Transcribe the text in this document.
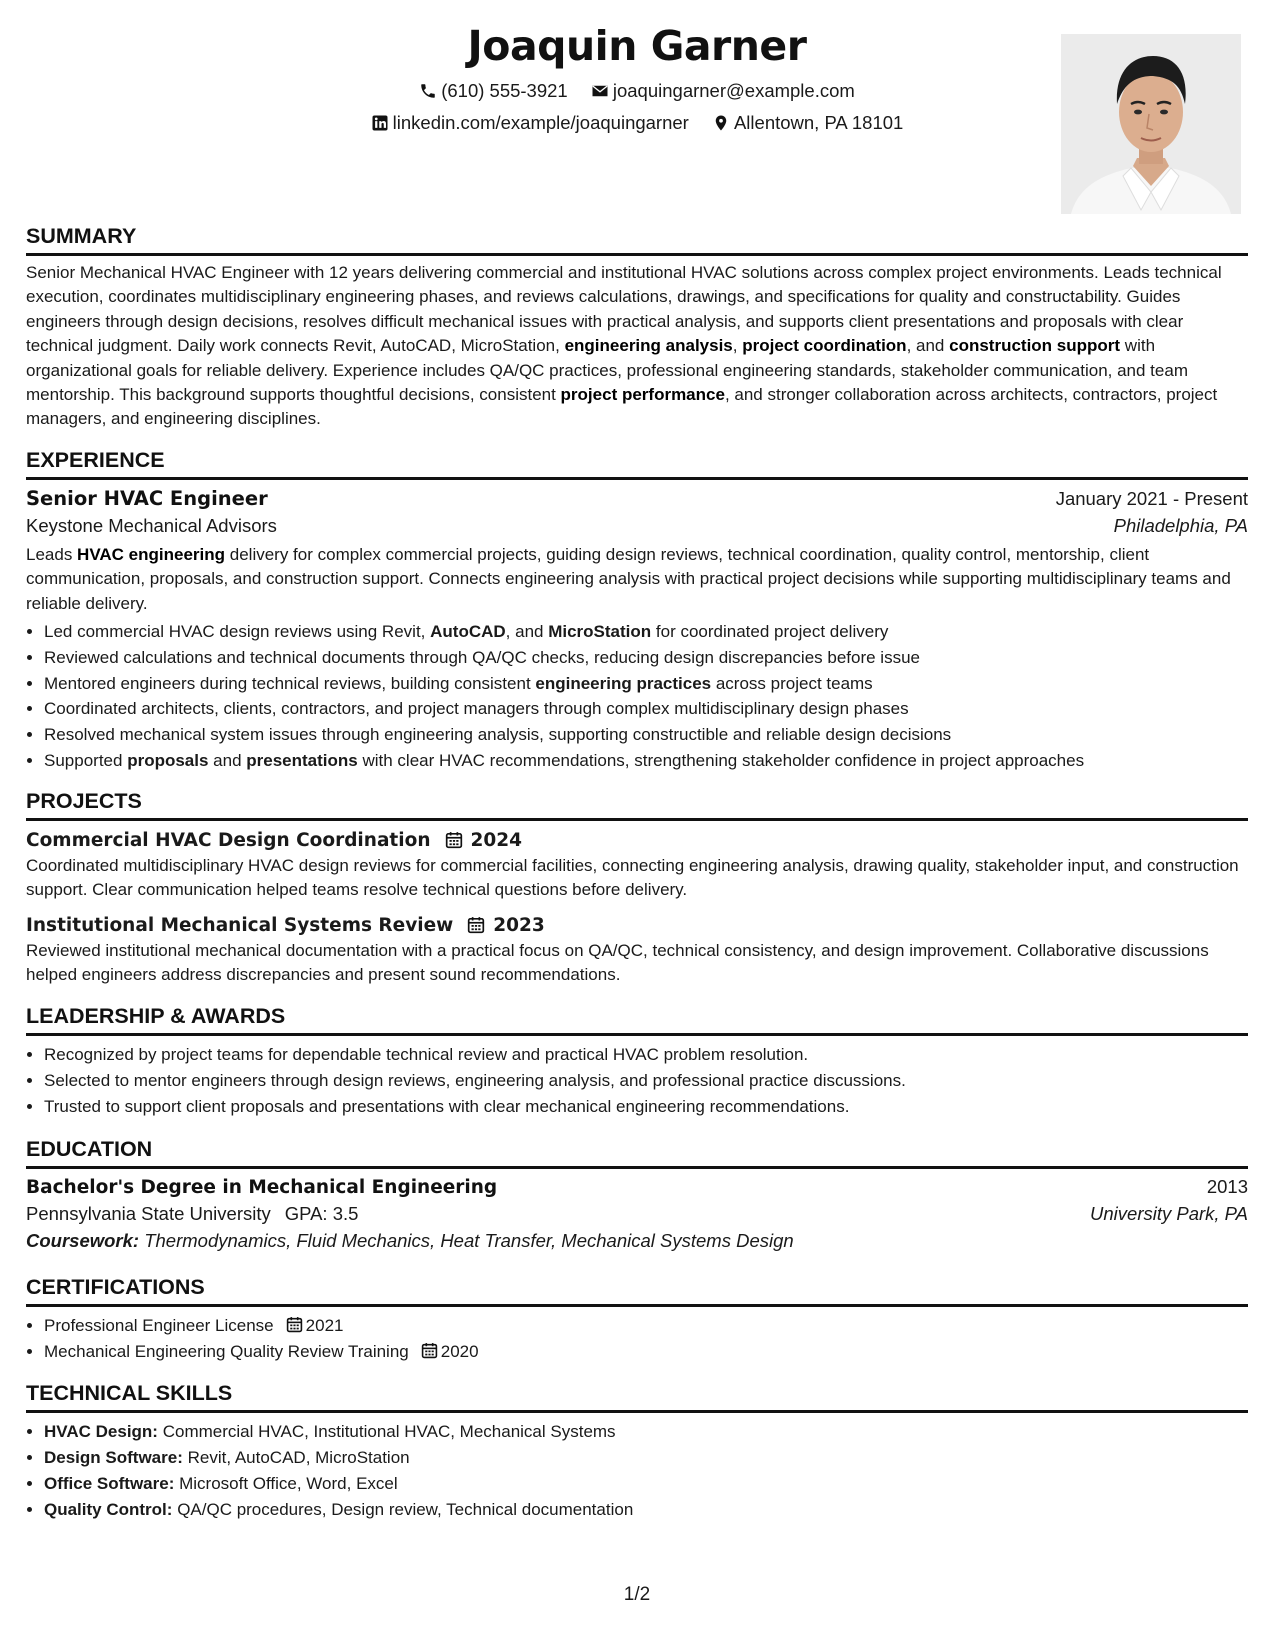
Joaquin Garner
(610) 555-3921
joaquingarner@example.com
linkedin.com/example/joaquingarner
Allentown, PA 18101
SUMMARY

Senior Mechanical HVAC Engineer with 12 years delivering commercial and institutional HVAC solutions across complex project environments. Leads technical execution, coordinates multidisciplinary engineering phases, and reviews calculations, drawings, and specifications for quality and constructability. Guides engineers through design decisions, resolves difficult mechanical issues with practical analysis, and supports client presentations and proposals with clear technical judgment. Daily work connects Revit, AutoCAD, MicroStation, engineering analysis, project coordination, and construction support with organizational goals for reliable delivery. Experience includes QA/QC practices, professional engineering standards, stakeholder communication, and team mentorship. This background supports thoughtful decisions, consistent project performance, and stronger collaboration across architects, contractors, project managers, and engineering disciplines.

EXPERIENCE
Senior HVAC Engineer	January 2021 - Present
Keystone Mechanical Advisors	Philadelphia, PA

Leads HVAC engineering delivery for complex commercial projects, guiding design reviews, technical coordination, quality control, mentorship, client communication, proposals, and construction support. Connects engineering analysis with practical project decisions while supporting multidisciplinary teams and reliable delivery.

• Led commercial HVAC design reviews using Revit, AutoCAD, and MicroStation for coordinated project delivery
• Reviewed calculations and technical documents through QA/QC checks, reducing design discrepancies before issue
• Mentored engineers during technical reviews, building consistent engineering practices across project teams
• Coordinated architects, clients, contractors, and project managers through complex multidisciplinary design phases
• Resolved mechanical system issues through engineering analysis, supporting constructible and reliable design decisions
• Supported proposals and presentations with clear HVAC recommendations, strengthening stakeholder confidence in project approaches
PROJECTS
Commercial HVAC Design Coordination 2024

Coordinated multidisciplinary HVAC design reviews for commercial facilities, connecting engineering analysis, drawing quality, stakeholder input, and construction support. Clear communication helped teams resolve technical questions before delivery.

Institutional Mechanical Systems Review 2023

Reviewed institutional mechanical documentation with a practical focus on QA/QC, technical consistency, and design improvement. Collaborative discussions helped engineers address discrepancies and present sound recommendations.

LEADERSHIP & AWARDS
• Recognized by project teams for dependable technical review and practical HVAC problem resolution.
• Selected to mentor engineers through design reviews, engineering analysis, and professional practice discussions.
• Trusted to support client proposals and presentations with clear mechanical engineering recommendations.
EDUCATION
Bachelor's Degree in Mechanical Engineering	2013
Pennsylvania State University GPA: 3.5	University Park, PA
Coursework: Thermodynamics, Fluid Mechanics, Heat Transfer, Mechanical Systems Design
CERTIFICATIONS
• Professional Engineer License 2021
• Mechanical Engineering Quality Review Training 2020
TECHNICAL SKILLS
• HVAC Design: Commercial HVAC, Institutional HVAC, Mechanical Systems
• Design Software: Revit, AutoCAD, MicroStation
• Office Software: Microsoft Office, Word, Excel
• Quality Control: QA/QC procedures, Design review, Technical documentation
1/2
